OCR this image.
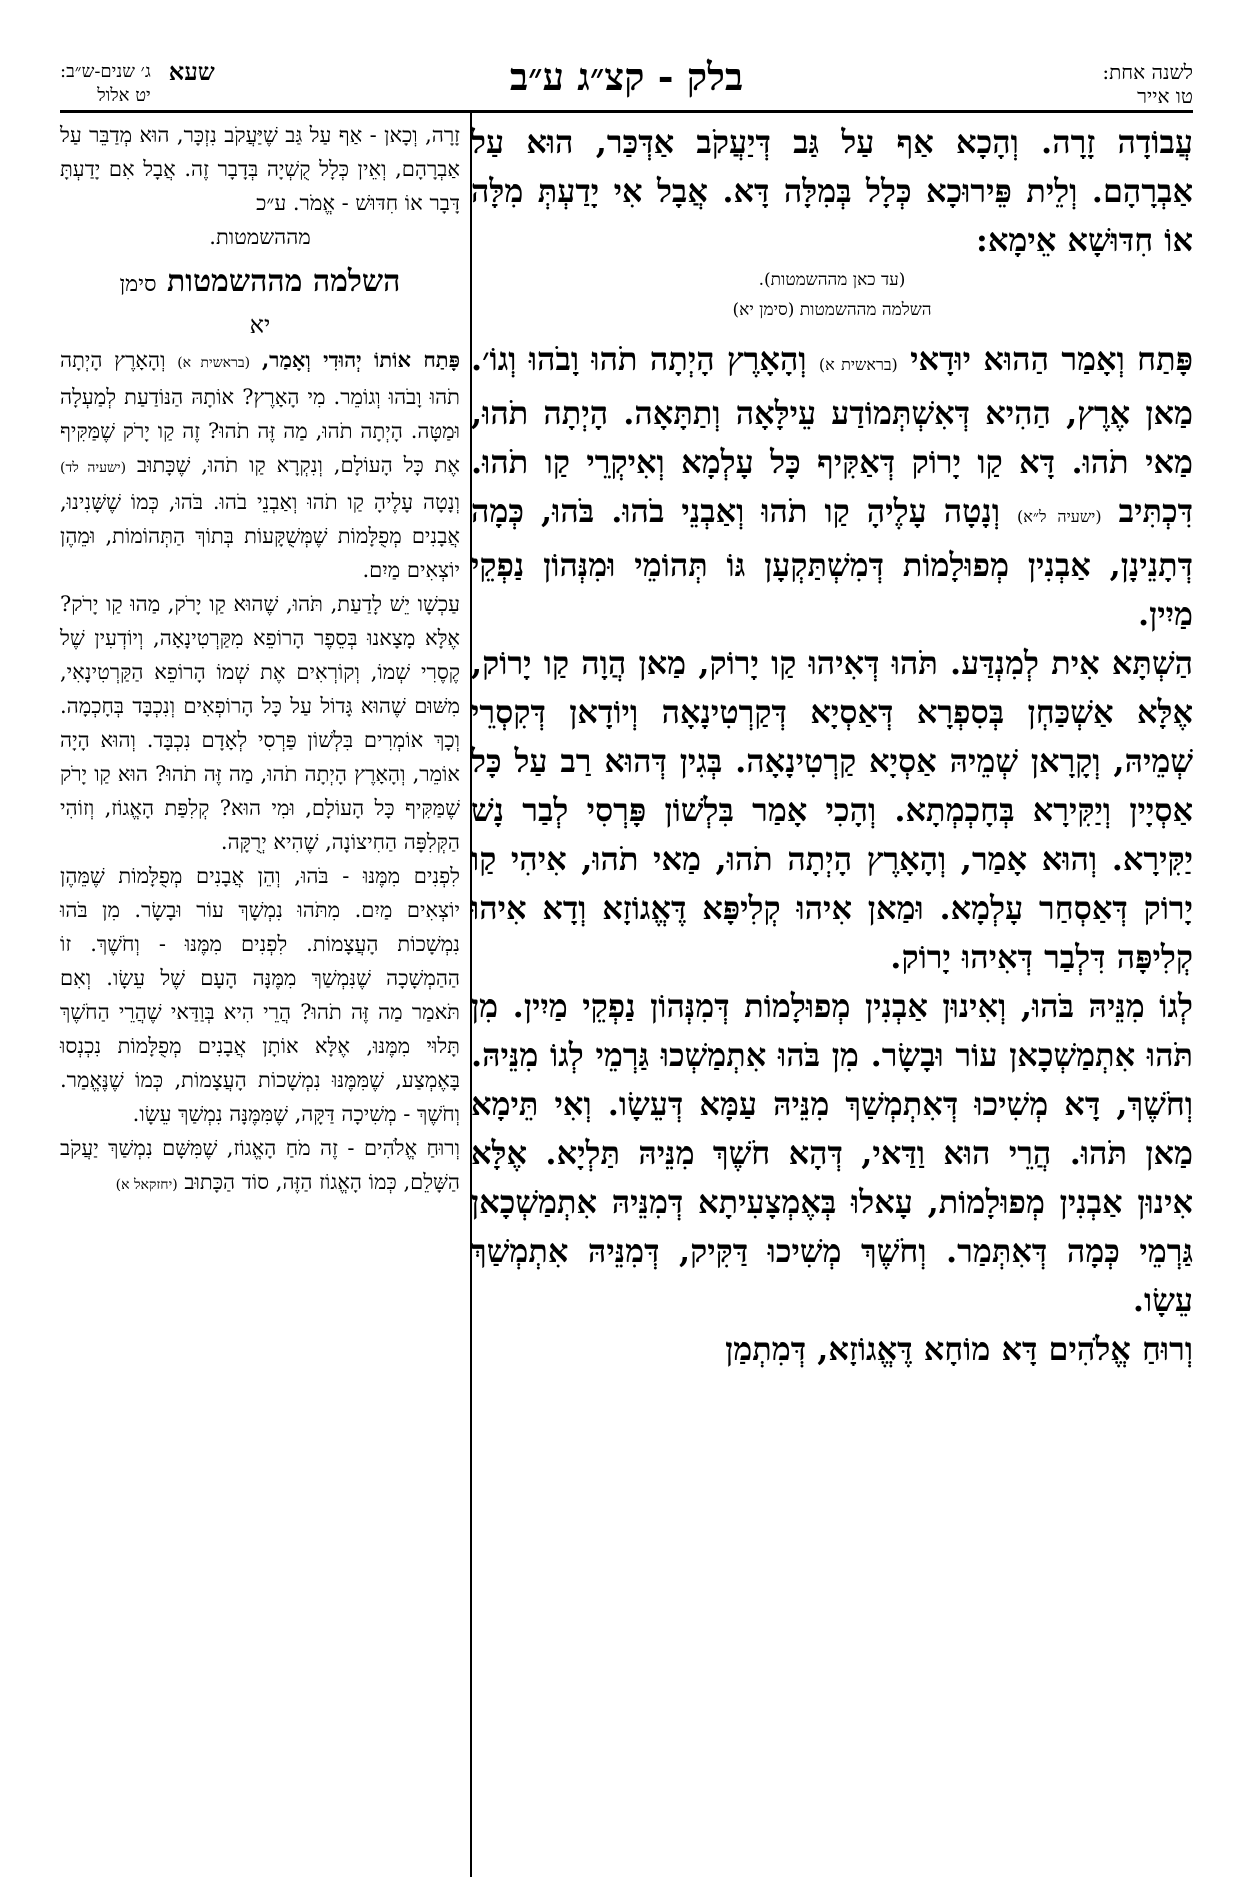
לשנה אחת:
טו אייר
בלק - קצ״ג ע״ב
ג׳ שנים-ש״ב:
יט אלול
שעא

עֲבוֹדָה זָרָה. וְהָכָא אַף עַל גַּב דְּיַעֲקֹב אַדְּכַּר, הוּא עַל אַבְרָהָם. וְלֵית פֵּירוּכָא כְּלָל בְּמִלָּה דָּא. אֲבָל אִי יָדַעְתְּ מִלָּה אוֹ חִדּוּשָׁא אֵימָא:

(עד כאן מההשמטות).

השלמה מההשמטות (סימן יא)

פָּתַח וְאָמַר הַהוּא יוּדָאי (בראשית א) וְהָאָרֶץ הָיְתָה תֹהוּ וָבֹהוּ וְגוֹ׳. מַאן אֶרֶץ, הַהִיא דְּאִשְׁתְּמוֹדַע עֵילָּאָה וְתַתָּאָה. הָיְתָה תֹהוּ, מַאי תֹהוּ. דָּא קַו יָרוֹק דְּאַקִּיף כָּל עָלְמָא וְאִיקְרֵי קַו תֹהוּ. דִּכְתִּיב (ישעיה ל״א) וְנָטָה עָלֶיהָ קַו תֹהוּ וְאַבְנֵי בֹהוּ. בֹּהוּ, כְּמָה דְּתָנֵינָן, אַבְנִין מְפוּלָמוֹת דְּמִשְׁתַּקְעָן גּוֹ תְּהוֹמֵי וּמִנְּהוֹן נַפְקֵי מַיִין.

הַשְׁתָּא אִית לְמִנְדַּע. תֹּהוּ דְּאִיהוּ קַו יָרוֹק, מַאן הֲוָה קַו יָרוֹק, אֶלָּא אַשְׁכַּחְן בְּסִפְרָא דְּאַסְיָא דְּקַרְטִינָאָה וְיוֹדָאן דְּקִסְרֵי שְׁמֵיהּ, וְקָרָאן שְׁמֵיהּ אַסְיָא קַרְטִינָאָה. בְּגִין דְּהוּא רַב עַל כָּל אַסְיָין וְיַקִּירָא בְּחָכְמְתָא. וְהָכִי אָמַר בִּלְשׁוֹן פָּרְסִי לְבַר נָשׁ יַקִּירָא. וְהוּא אָמַר, וְהָאָרֶץ הָיְתָה תֹהוּ, מַאי תֹהוּ, אִיהִי קַו יָרוֹק דְּאַסְחַר עָלְמָא. וּמַאן אִיהוּ קְלִיפָּא דֶּאֱגוֹזָא וְדָא אִיהוּ קְלִיפָּה דִּלְבַר דְּאִיהוּ יָרוֹק.

לְגוֹ מִנֵּיהּ בֹּהוּ, וְאִינוּן אַבְנִין מְפוּלָמוֹת דְּמִנְּהוֹן נַפְקֵי מַיִין. מִן תֹּהוּ אִתְמַשְׁכָאן עוֹר וּבָשָׂר. מִן בֹּהוּ אִתְמַשְׁכוּ גַּרְמֵי לְגוֹ מִנֵּיהּ. וְחֹשֶׁךְ, דָּא מְשִׁיכוּ דְּאִתְמְשַׁךְ מִנֵּיהּ עַמָּא דְּעֵשָׂו. וְאִי תֵּימָא מַאן תֹּהוּ. הֲרֵי הוּא וַדַּאי, דְּהָא חֹשֶׁךְ מִנֵּיהּ תַּלְיָא. אֶלָּא אִינוּן אַבְנִין מְפוּלָמוֹת, עָאלוּ בְּאֶמְצָעִיתָא דְּמִנֵּיהּ אִתְמַשְׁכָאן גַּרְמֵי כְּמָה דְּאִתְּמַר. וְחֹשֶׁךְ מְשִׁיכוּ דַּקִּיק, דְּמִנֵּיהּ אִתְמְשַׁךְ עֵשָׂו.

וְרוּחַ אֱלֹהִים דָּא מוֹחָא דֶּאֱגוֹזָא, דְּמִתְמַן

זָרָה, וְכָאן - אַף עַל גַּב שֶׁיַּעֲקֹב נִזְכָּר, הוּא מְדַבֵּר עַל אַבְרָהָם, וְאֵין כְּלָל קֻשְׁיָה בְּדָבָר זֶה. אֲבָל אִם יָדַעְתָּ דָּבָר אוֹ חִדּוּשׁ - אֱמֹר. ע״כ

מההשמטות.

השלמה מההשמטות סימן

יא

פָּתַח אוֹתוֹ יְהוּדִי וְאָמַר, (בראשית א) וְהָאָרֶץ הָיְתָה תֹהוּ וָבֹהוּ וְגוֹמֵר. מִי הָאָרֶץ? אוֹתָהּ הַנּוֹדַעַת לְמַעְלָה וּמַטָּה. הָיְתָה תֹהוּ, מַה זֶּה תֹהוּ? זֶה קַו יָרֹק שֶׁמַּקִּיף אֶת כָּל הָעוֹלָם, וְנִקְרָא קַו תֹהוּ, שֶׁכָּתוּב (ישעיה לד) וְנָטָה עָלֶיהָ קַו תֹהוּ וְאַבְנֵי בֹהוּ. בֹּהוּ, כְּמוֹ שֶׁשָּׁנִינוּ, אֲבָנִים מְפֻלָּמוֹת שֶׁמְּשֻׁקָּעוֹת בְּתוֹךְ הַתְּהוֹמוֹת, וּמֵהֶן יוֹצְאִים מַיִם.

עַכְשָׁו יֵשׁ לָדַעַת, תֹּהוּ, שֶׁהוּא קַו יָרֹק, מַהוּ קַו יָרֹק? אֶלָּא מָצָאנוּ בְּסֵפֶר הָרוֹפֵא מִקַּרְטִינָאָה, וְיוֹדְעִין שֶׁל קֶסֶרִי שְׁמוֹ, וְקוֹרְאִים אֶת שְׁמוֹ הָרוֹפֵא הַקַּרְטִינָאִי, מִשּׁוּם שֶׁהוּא גָּדוֹל עַל כָּל הָרוֹפְאִים וְנִכְבָּד בְּחָכְמָה. וְכָךְ אוֹמְרִים בִּלְשׁוֹן פַּרְסִי לְאָדָם נִכְבָּד. וְהוּא הָיָה אוֹמֵר, וְהָאָרֶץ הָיְתָה תֹהוּ, מַה זֶּה תֹהוּ? הוּא קַו יָרֹק שֶׁמַּקִּיף כָּל הָעוֹלָם, וּמִי הוּא? קְלִפַּת הָאֱגוֹז, וְזוֹהִי הַקְּלִפָּה הַחִיצוֹנָה, שֶׁהִיא יְרֻקָּה.

לִפְנִים מִמֶּנּוּ - בֹּהוּ, וְהֵן אֲבָנִים מְפֻלָּמוֹת שֶׁמֵּהֶן יוֹצְאִים מַיִם. מִתֹּהוּ נִמְשָׁךְ עוֹר וּבָשָׂר. מִן בֹּהוּ נִמְשָׁכוֹת הָעֲצָמוֹת. לִפְנִים מִמֶּנּוּ - וְחֹשֶׁךְ. זוֹ הַהַמְשָׁכָה שֶׁנִּמְשַׁךְ מִמֶּנָּה הָעָם שֶׁל עֵשָׂו. וְאִם תֹּאמַר מַה זֶּה תֹהוּ? הֲרֵי הִיא בְּוַדַּאי שֶׁהֲרֵי הַחֹשֶׁךְ תָּלוּי מִמֶּנּוּ, אֶלָּא אוֹתָן אֲבָנִים מְפֻלָּמוֹת נִכְנְסוּ בָּאֶמְצַע, שֶׁמִּמֶּנּוּ נִמְשָׁכוֹת הָעֲצָמוֹת, כְּמוֹ שֶׁנֶּאֱמַר. וְחֹשֶׁךְ - מְשִׁיכָה דַּקָּה, שֶׁמִּמֶּנָּה נִמְשַׁךְ עֵשָׂו.

וְרוּחַ אֱלֹהִים - זֶה מֹחַ הָאֱגוֹז, שֶׁמִּשָּׁם נִמְשַׁךְ יַעֲקֹב הַשָּׁלֵם, כְּמוֹ הָאֱגוֹז הַזֶּה, סוֹד הַכָּתוּב (יחזקאל א)
